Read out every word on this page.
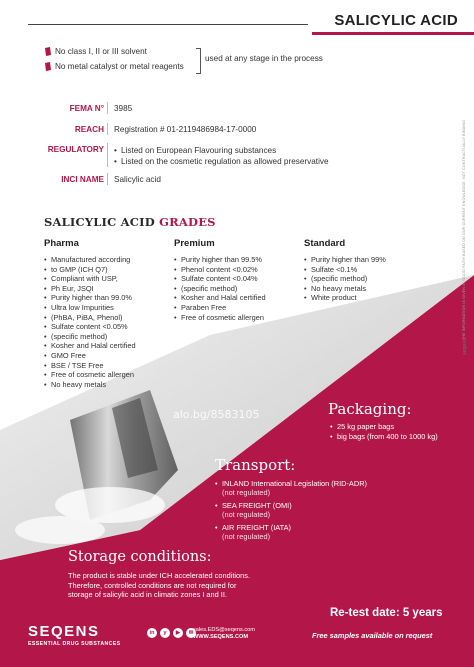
SALICYLIC ACID
THE INFORMATION IS GIVEN IN GOOD FAITH BASED ON OUR CURRENT KNOWLEDGE. NOT CONTRACTUALLY BINDING
seqens
No class I, II or III solvent
No metal catalyst or metal reagents
used at any stage in the process
FEMA N° 3985
REACH Registration # 01-2119486984-17-0000
REGULATORY
•	Listed on European Flavouring substances
• Listed on the cosmetic regulation as allowed preservative
INCI NAME Salicylic acid
SALICYLIC ACID GRADES
Pharma
• Manufactured according
• to GMP (ICH Q7)
• Compliant with USP,
• Ph Eur, JSQI
• Purity higher than 99.0%
• Ultra low Impurities
• (PhBA, PiBA, Phenol)
• Sulfate content <0.05%
• (specific method)
• Kosher and Halal certified
• GMO Free
• BSE / TSE Free
• Free of cosmetic allergen
• No heavy metals
Premium
• Purity higher than 99.5%
• Phenol content <0.02%
• Sulfate content <0.04%
• (specific method)
• Kosher and Halal certified
• Paraben Free
• Free of cosmetic allergen
Standard
• Purity higher than 99%
• Sulfate <0.1%
• (specific method)
• No heavy metals
• White product
alo.bg/8583105	Packaging:
• 25 kg paper bags
• big bags (from 400 to 1000 kg)
Transport:
• INLAND International Legislation (RID-ADR)
(not regulated)
• SEA FREIGHT (OMI)
(not regulated)
• AIR FREIGHT (IATA)
(not regulated)
Storage conditions:
The product is stable under ICH accelerated conditions.
Therefore, controlled conditions are not required for
storage of salicylic acid in climatic zones I and II.
Re-test date: 5 years
Free samples available on request
SEQENS
ESSENTIAL DRUG SUBSTANCES
in	y	▶	✉ sales.EDS@seqens.com
WWW.SEQENS.COM
